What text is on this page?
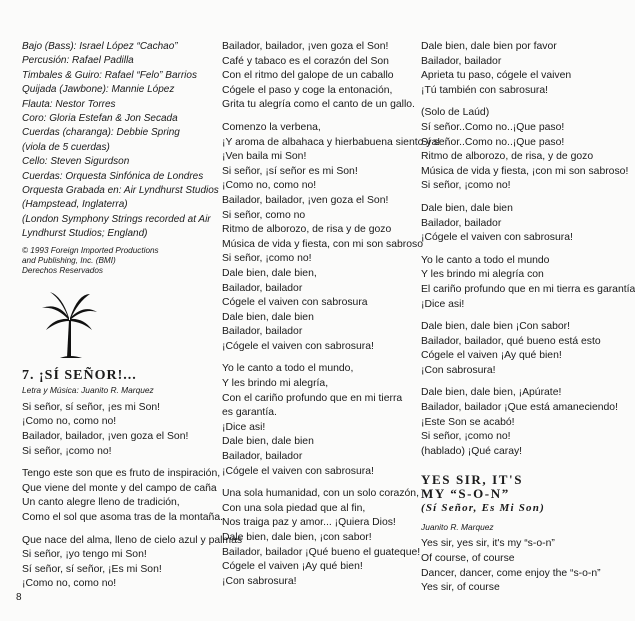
Bajo (Bass): Israel López “Cachao”
Percusión: Rafael Padilla
Timbales & Guiro: Rafael “Felo” Barrios
Quijada (Jawbone): Mannie López
Flauta: Nestor Torres
Coro: Gloria Estefan & Jon Secada
Cuerdas (charanga): Debbie Spring
(viola de 5 cuerdas)
Cello: Steven Sigurdson
Cuerdas: Orquesta Sinfónica de Londres
Orquesta Grabada en: Air Lyndhurst Studios
(Hampstead, Inglaterra)
(London Symphony Strings recorded at Air
Lyndhurst Studios; England)
© 1993 Foreign Imported Productions
and Publishing, Inc. (BMI)
Derechos Reservados
7. ¡SÍ SEÑOR!...
Letra y Música: Juanito R. Marquez
Si señor, sí señor, ¡es mi Son!
¡Como no, como no!
Bailador, bailador, ¡ven goza el Son!
Si señor, ¡como no!
Tengo este son que es fruto de inspiración,
Que viene del monte y del campo de caña
Un canto alegre lleno de tradición,
Como el sol que asoma tras de la montaña.
Que nace del alma, lleno de cielo azul y palmas
Si señor, ¡yo tengo mi Son!
Sí señor, sí señor, ¡Es mi Son!
¡Como no, como no!
Bailador, bailador, ¡ven goza el Son!
Café y tabaco es el corazón del Son
Con el ritmo del galope de un caballo
Cógele el paso y coge la entonación,
Grita tu alegría como el canto de un gallo.
Comenzo la verbena,
¡Y aroma de albahaca y hierbabuena siento ya!
¡Ven baila mi Son!
Si señor, ¡sí señor es mi Son!
¡Como no, como no!
Bailador, bailador, ¡ven goza el Son!
Si señor, como no
Ritmo de alborozo, de risa y de gozo
Música de vida y fiesta, con mi son sabroso
Si señor, ¡como no!
Dale bien, dale bien,
Bailador, bailador
Cógele el vaiven con sabrosura
Dale bien, dale bien
Bailador, bailador
¡Cógele el vaiven con sabrosura!
Yo le canto a todo el mundo,
Y les brindo mi alegría,
Con el cariño profundo que en mi tierra
es garantía.
¡Dice asi!
Dale bien, dale bien
Bailador, bailador
¡Cógele el vaiven con sabrosura!
Una sola humanidad, con un solo corazón,
Con una sola piedad que al fin,
Nos traiga paz y amor... ¡Quiera Dios!
Dale bien, dale bien, ¡con sabor!
Bailador, bailador ¡Qué bueno el guateque!
Cógele el vaiven ¡Ay qué bien!
¡Con sabrosura!
Dale bien, dale bien por favor
Bailador, bailador
Aprieta tu paso, cógele el vaiven
¡Tú también con sabrosura!
(Solo de Laúd)
Sí señor..Como no..¡Que paso!
Sí señor..Como no..¡Que paso!
Ritmo de alborozo, de risa, y de gozo
Música de vida y fiesta, ¡con mi son sabroso!
Si señor, ¡como no!
Dale bien, dale bien
Bailador, bailador
¡Cógele el vaiven con sabrosura!
Yo le canto a todo el mundo
Y les brindo mi alegría con
El cariño profundo que en mi tierra es garantía
¡Dice asi!
Dale bien, dale bien ¡Con sabor!
Bailador, bailador, qué bueno está esto
Cógele el vaiven ¡Ay qué bien!
¡Con sabrosura!
Dale bien, dale bien, ¡Apúrate!
Bailador, bailador ¡Que está amaneciendo!
¡Este Son se acabó!
Si señor, ¡como no!
(hablado) ¡Qué caray!
YES SIR, IT'S
MY “S-O-N”
(Sí Señor, Es Mi Son)
Juanito R. Marquez
Yes sir, yes sir, it's my “s-o-n”
Of course, of course
Dancer, dancer, come enjoy the “s-o-n”
Yes sir, of course
8
